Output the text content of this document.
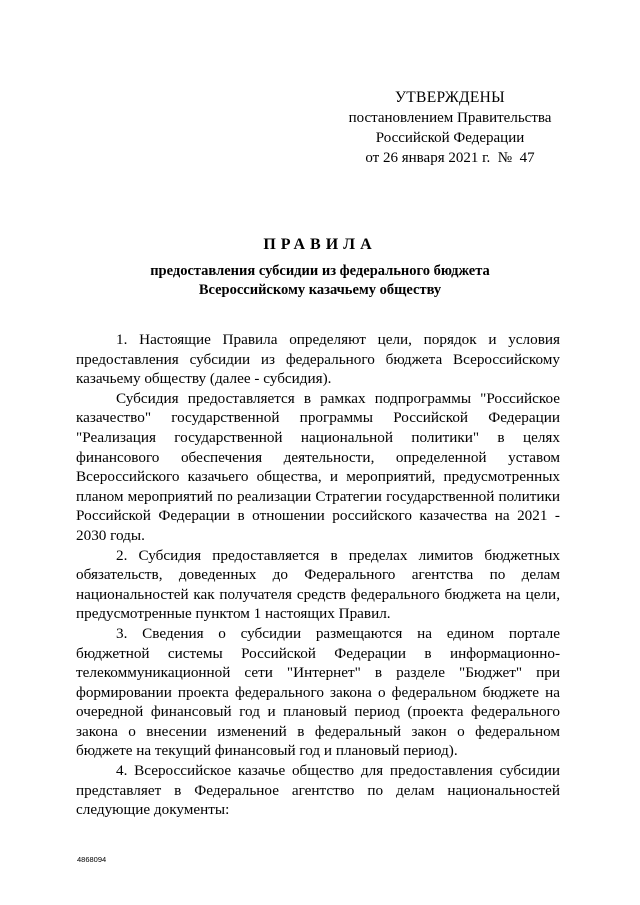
УТВЕРЖДЕНЫ
постановлением Правительства
Российской Федерации
от 26 января 2021 г.  №  47
ПРАВИЛА
предоставления субсидии из федерального бюджета
Всероссийскому казачьему обществу

1. Настоящие Правила определяют цели, порядок и условия предоставления субсидии из федерального бюджета Всероссийскому казачьему обществу (далее - субсидия).

Субсидия предоставляется в рамках подпрограммы "Российское казачество" государственной программы Российской Федерации "Реализация государственной национальной политики" в целях финансового обеспечения деятельности, определенной уставом Всероссийского казачьего общества, и мероприятий, предусмотренных планом мероприятий по реализации Стратегии государственной политики Российской Федерации в отношении российского казачества на 2021 - 2030 годы.

2. Субсидия предоставляется в пределах лимитов бюджетных обязательств, доведенных до Федерального агентства по делам национальностей как получателя средств федерального бюджета на цели, предусмотренные пунктом 1 настоящих Правил.

3. Сведения о субсидии размещаются на едином портале бюджетной системы Российской Федерации в информационно-телекоммуникационной сети "Интернет" в разделе "Бюджет" при формировании проекта федерального закона о федеральном бюджете на очередной финансовый год и плановый период (проекта федерального закона о внесении изменений в федеральный закон о федеральном бюджете на текущий финансовый год и плановый период).

4. Всероссийское казачье общество для предоставления субсидии представляет в Федеральное агентство по делам национальностей следующие документы:

4868094
